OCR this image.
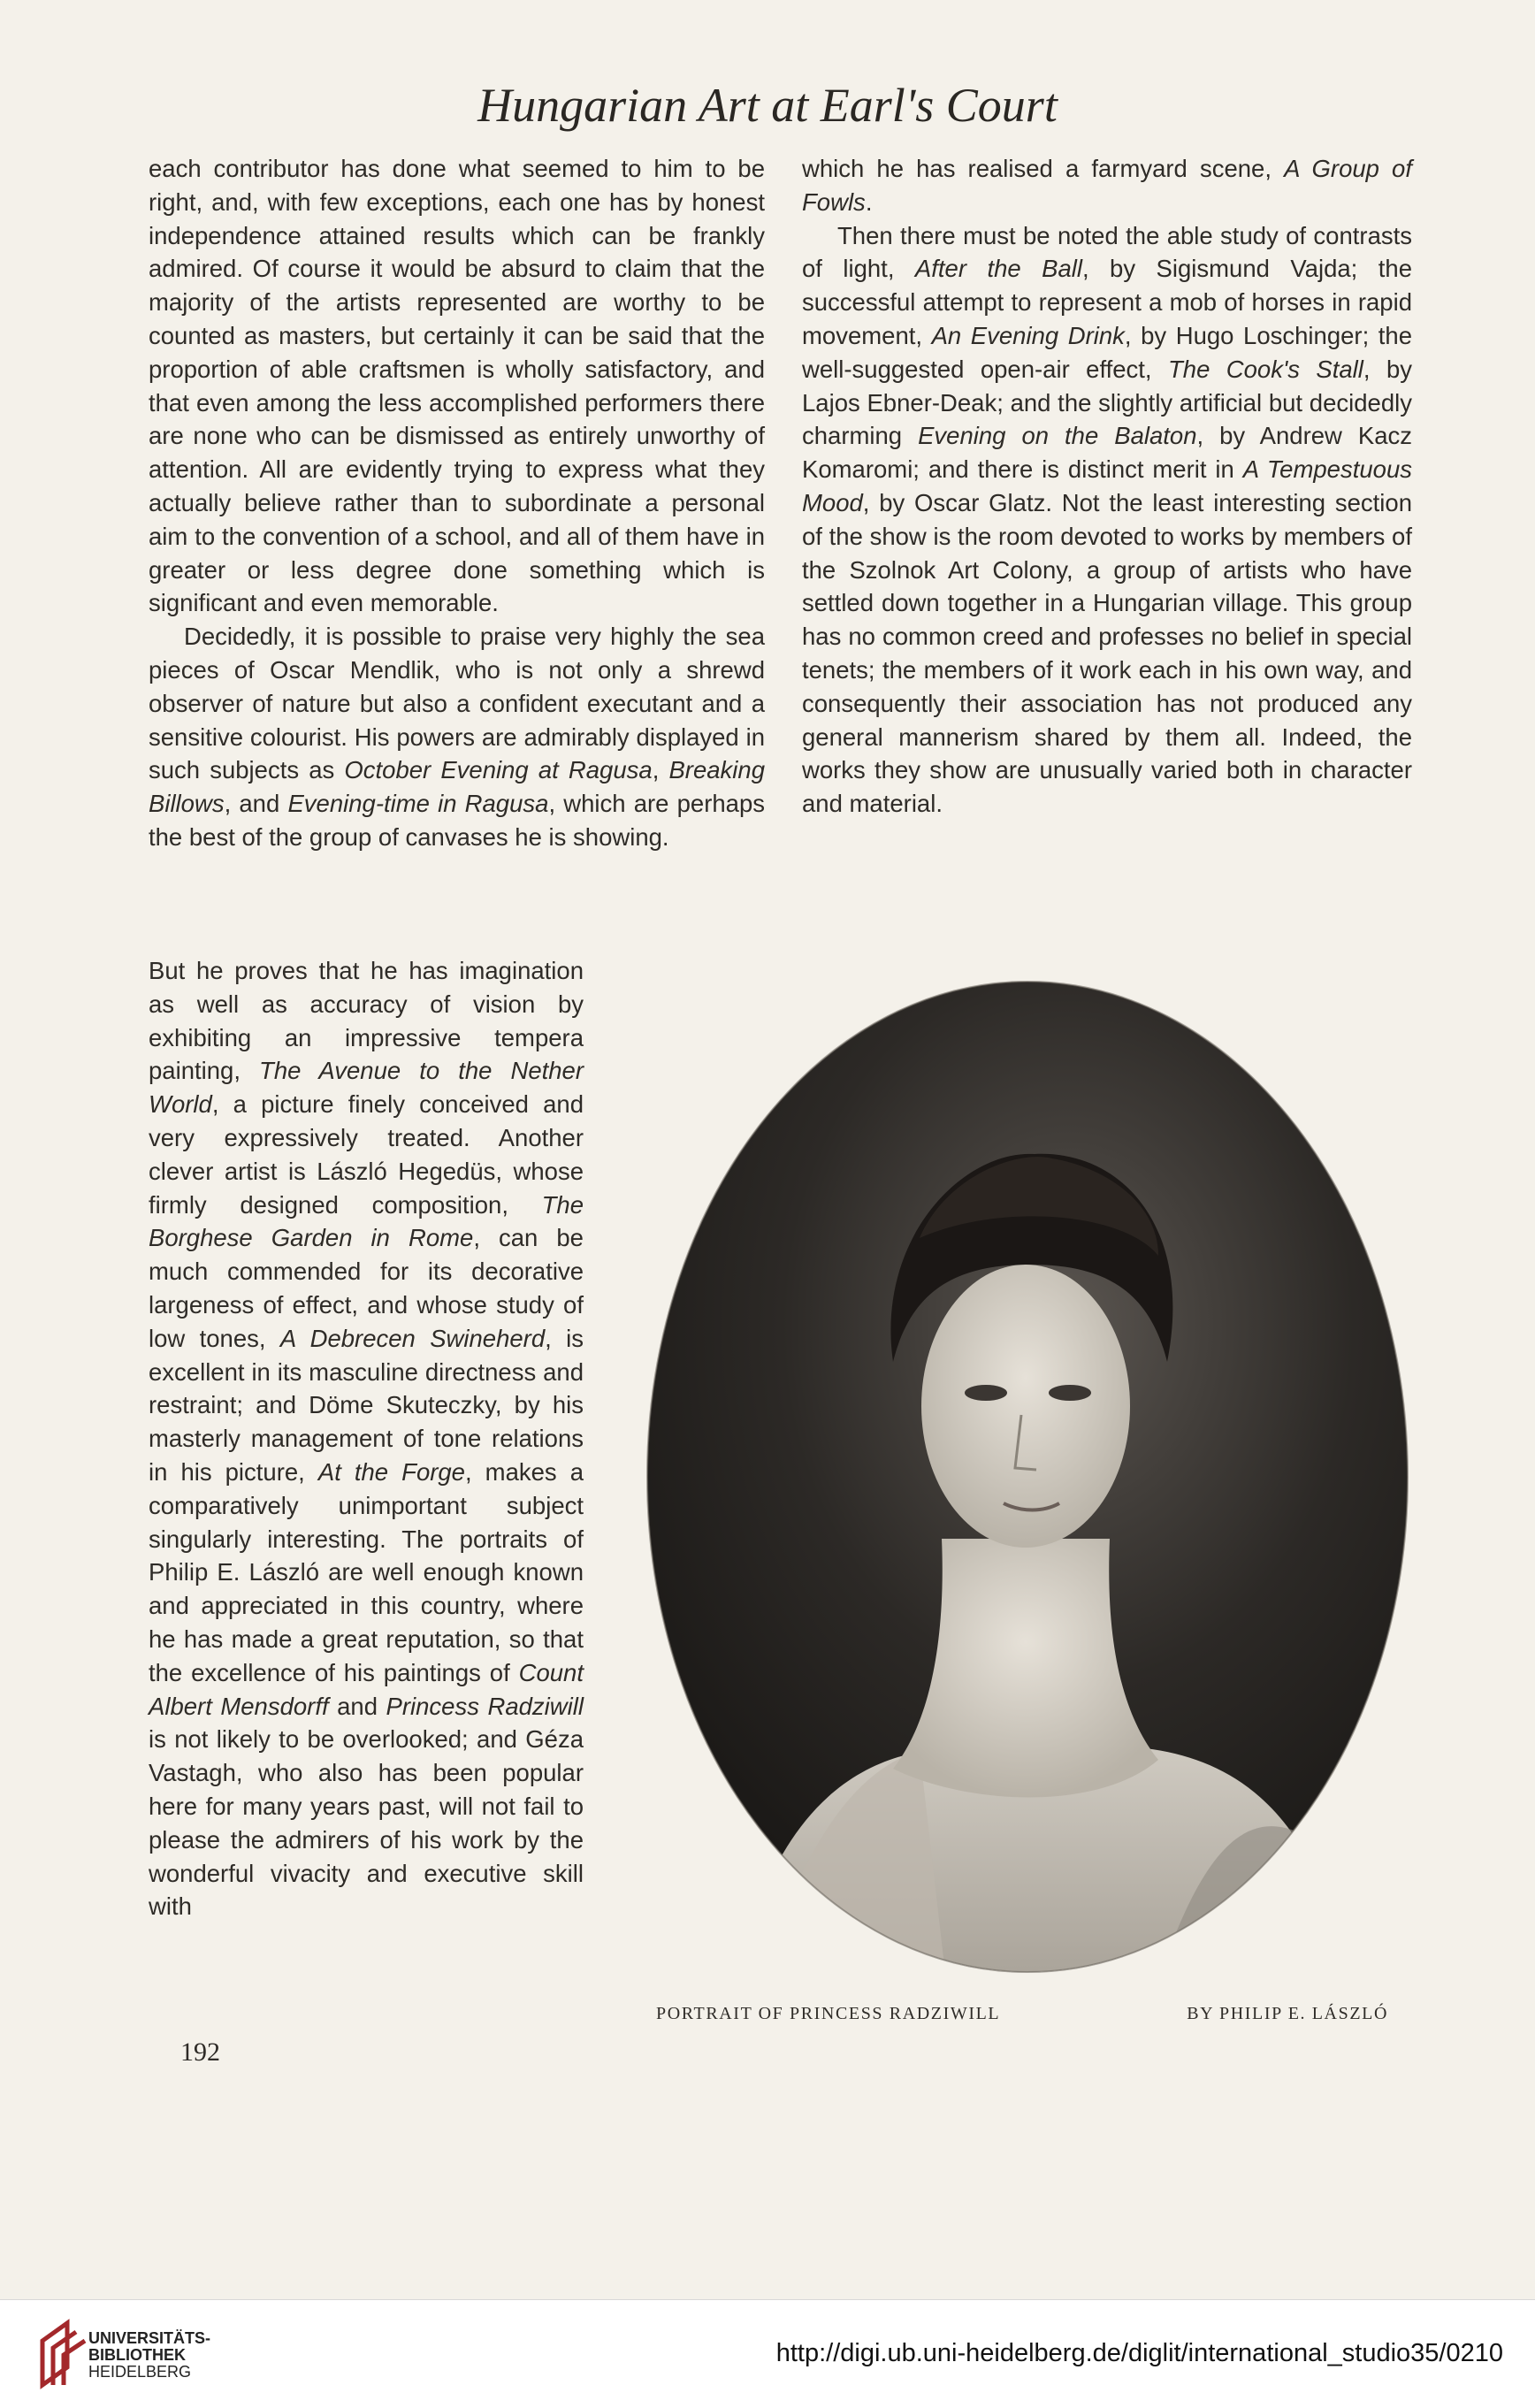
Hungarian Art at Earl's Court

each contributor has done what seemed to him to be right, and, with few exceptions, each one has by honest independence attained results which can be frankly admired. Of course it would be absurd to claim that the majority of the artists represented are worthy to be counted as masters, but certainly it can be said that the proportion of able craftsmen is wholly satisfactory, and that even among the less accomplished performers there are none who can be dismissed as entirely unworthy of attention. All are evidently trying to express what they actually believe rather than to subordinate a personal aim to the convention of a school, and all of them have in greater or less degree done something which is significant and even memorable.

Decidedly, it is possible to praise very highly the sea pieces of Oscar Mendlik, who is not only a shrewd observer of nature but also a confident executant and a sensitive colourist. His powers are admirably displayed in such subjects as October Evening at Ragusa, Breaking Billows, and Evening-time in Ragusa, which are perhaps the best of the group of canvases he is showing.

which he has realised a farmyard scene, A Group of Fowls.

Then there must be noted the able study of contrasts of light, After the Ball, by Sigismund Vajda; the successful attempt to represent a mob of horses in rapid movement, An Evening Drink, by Hugo Loschinger; the well-suggested open-air effect, The Cook's Stall, by Lajos Ebner-Deak; and the slightly artificial but decidedly charming Evening on the Balaton, by Andrew Kacz Komaromi; and there is distinct merit in A Tempestuous Mood, by Oscar Glatz. Not the least interesting section of the show is the room devoted to works by members of the Szolnok Art Colony, a group of artists who have settled down together in a Hungarian village. This group has no common creed and professes no belief in special tenets; the members of it work each in his own way, and consequently their association has not produced any general mannerism shared by them all. Indeed, the works they show are unusually varied both in character and material.

But he proves that he has imagination as well as accuracy of vision by exhibiting an impressive tempera painting, The Avenue to the Nether World, a picture finely conceived and very expressively treated. Another clever artist is László Hegedüs, whose firmly designed composition, The Borghese Garden in Rome, can be much commended for its decorative largeness of effect, and whose study of low tones, A Debrecen Swineherd, is excellent in its masculine directness and restraint; and Döme Skuteczky, by his masterly management of tone relations in his picture, At the Forge, makes a comparatively unimportant subject singularly interesting. The portraits of Philip E. László are well enough known and appreciated in this country, where he has made a great reputation, so that the excellence of his paintings of Count Albert Mensdorff and Princess Radziwill is not likely to be overlooked; and Géza Vastagh, who also has been popular here for many years past, will not fail to please the admirers of his work by the wonderful vivacity and executive skill with

PORTRAIT OF PRINCESS RADZIWILL	BY PHILIP E. LÁSZLÓ
192
UNIVERSITÄTS-
BIBLIOTHEK
HEIDELBERG
http://digi.ub.uni-heidelberg.de/diglit/international_studio35/0210
